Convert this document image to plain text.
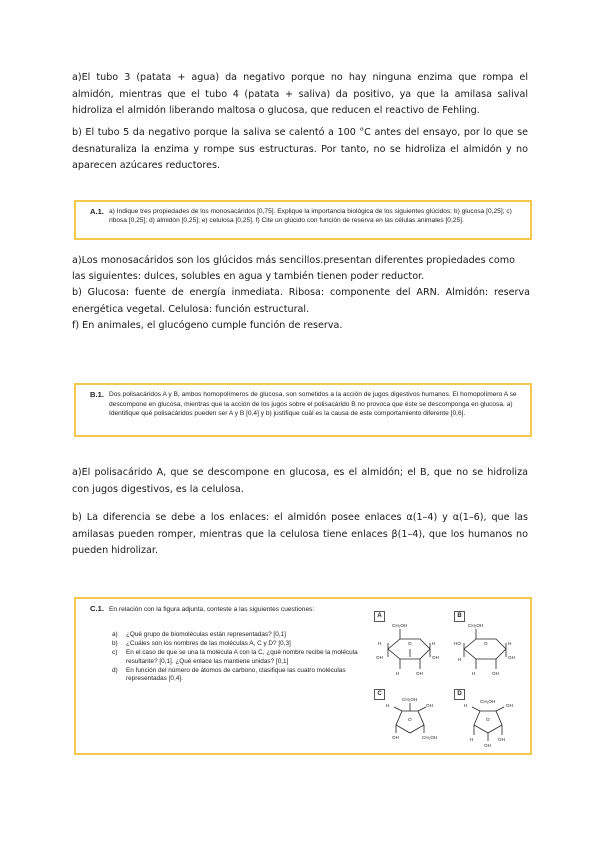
a)El tubo 3 (patata + agua) da negativo porque no hay ninguna enzima que rompa el almidón, mientras que el tubo 4 (patata + saliva) da positivo, ya que la amilasa salival hidroliza el almidón liberando maltosa o glucosa, que reducen el reactivo de Fehling.

b) El tubo 5 da negativo porque la saliva se calentó a 100 °C antes del ensayo, por lo que se desnaturaliza la enzima y rompe sus estructuras. Por tanto, no se hidroliza el almidón y no aparecen azúcares reductores.

A.1. a) Indique tres propiedades de los monosacáridos [0,75]. Explique la importancia biológica de los siguientes glúcidos: b) glucosa [0,25]; c) ribosa [0,25]; d) almidón [0,25]; e) celulosa [0,25]. f) Cite un glúcido con función de reserva en las células animales [0,25].

a)Los monosacáridos son los glúcidos más sencillos.presentan diferentes propiedades como las siguientes: dulces, solubles en agua y también tienen poder reductor.

b) Glucosa: fuente de energía inmediata. Ribosa: componente del ARN. Almidón: reserva energética vegetal. Celulosa: función estructural.

f) En animales, el glucógeno cumple función de reserva.

B.1. Dos polisacáridos A y B, ambos homopolímeros de glucosa, son sometidos a la acción de jugos digestivos humanos. El homopolímero A se descompone en glucosa, mientras que la acción de los jugos sobre el polisacárido B no provoca que éste se descomponga en glucosa. a) Identifique qué polisacáridos pueden ser A y B [0,4] y b) justifique cuál es la causa de este comportamiento diferente [0,6].

a)El polisacárido A, que se descompone en glucosa, es el almidón; el B, que no se hidroliza con jugos digestivos, es la celulosa.

b) La diferencia se debe a los enlaces: el almidón posee enlaces α(1–4) y α(1–6), que las amilasas pueden romper, mientras que la celulosa tiene enlaces β(1–4), que los humanos no pueden hidrolizar.

C.1. En relación con la figura adjunta, conteste a las siguientes cuestiones:
a) ¿Qué grupo de biomoléculas están representadas? [0,1]
b) ¿Cuáles son los nombres de las moléculas A, C y D? [0,3]
c) En el caso de que se una la molécula A con la C, ¿qué nombre recibe la molécula resultante? [0,1]. ¿Qué enlace las mantiene unidas? [0,1]
d) En función del número de átomos de carbono, clasifique las cuatro moléculas representadas [0,4].
A	B
C	D
CH₂OH
O
H
OH
H
OH
H	OH
CH₂OH
O
HO
H
H
OH
H	OH
CH₂OH
O
H	OH
OH	CH₂OH
CH₂OH
O
H	OH
H	OH
OH
